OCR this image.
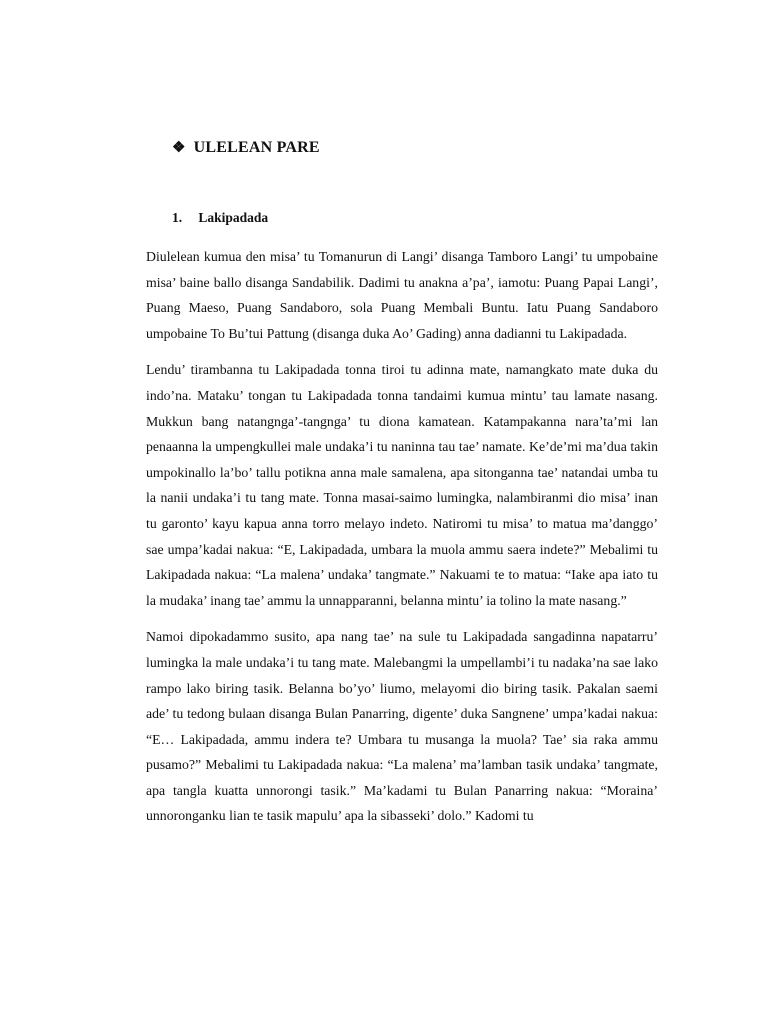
❖ ULELEAN PARE
1. Lakipadada

Diulelean kumua den misa’ tu Tomanurun di Langi’ disanga Tamboro Langi’ tu umpobaine misa’ baine ballo disanga Sandabilik. Dadimi tu anakna a’pa’, iamotu: Puang Papai Langi’, Puang Maeso, Puang Sandaboro, sola Puang Membali Buntu. Iatu Puang Sandaboro umpobaine To Bu’tui Pattung (disanga duka Ao’ Gading) anna dadianni tu Lakipadada.

Lendu’ tirambanna tu Lakipadada tonna tiroi tu adinna mate, namangkato mate duka du indo’na. Mataku’ tongan tu Lakipadada tonna tandaimi kumua mintu’ tau lamate nasang. Mukkun bang natangnga’-tangnga’ tu diona kamatean. Katampakanna nara’ta’mi lan penaanna la umpengkullei male undaka’i tu naninna tau tae’ namate. Ke’de’mi ma’dua takin umpokinallo la’bo’ tallu potikna anna male samalena, apa sitonganna tae’ natandai umba tu la nanii undaka’i tu tang mate. Tonna masai-saimo lumingka, nalambiranmi dio misa’ inan tu garonto’ kayu kapua anna torro melayo indeto. Natiromi tu misa’ to matua ma’danggo’ sae umpa’kadai nakua: “E, Lakipadada, umbara la muola ammu saera indete?” Mebalimi tu Lakipadada nakua: “La malena’ undaka’ tangmate.” Nakuami te to matua: “Iake apa iato tu la mudaka’ inang tae’ ammu la unnapparanni, belanna mintu’ ia tolino la mate nasang.”

Namoi dipokadammo susito, apa nang tae’ na sule tu Lakipadada sangadinna napatarru’ lumingka la male undaka’i tu tang mate. Malebangmi la umpellambi’i tu nadaka’na sae lako rampo lako biring tasik. Belanna bo’yo’ liumo, melayomi dio biring tasik. Pakalan saemi ade’ tu tedong bulaan disanga Bulan Panarring, digente’ duka Sangnene’ umpa’kadai nakua: “E… Lakipadada, ammu indera te? Umbara tu musanga la muola? Tae’ sia raka ammu pusamo?” Mebalimi tu Lakipadada nakua: “La malena’ ma’lamban tasik undaka’ tangmate, apa tangla kuatta unnorongi tasik.” Ma’kadami tu Bulan Panarring nakua: “Moraina’ unnoronganku lian te tasik mapulu’ apa la sibasseki’ dolo.” Kadomi tu
